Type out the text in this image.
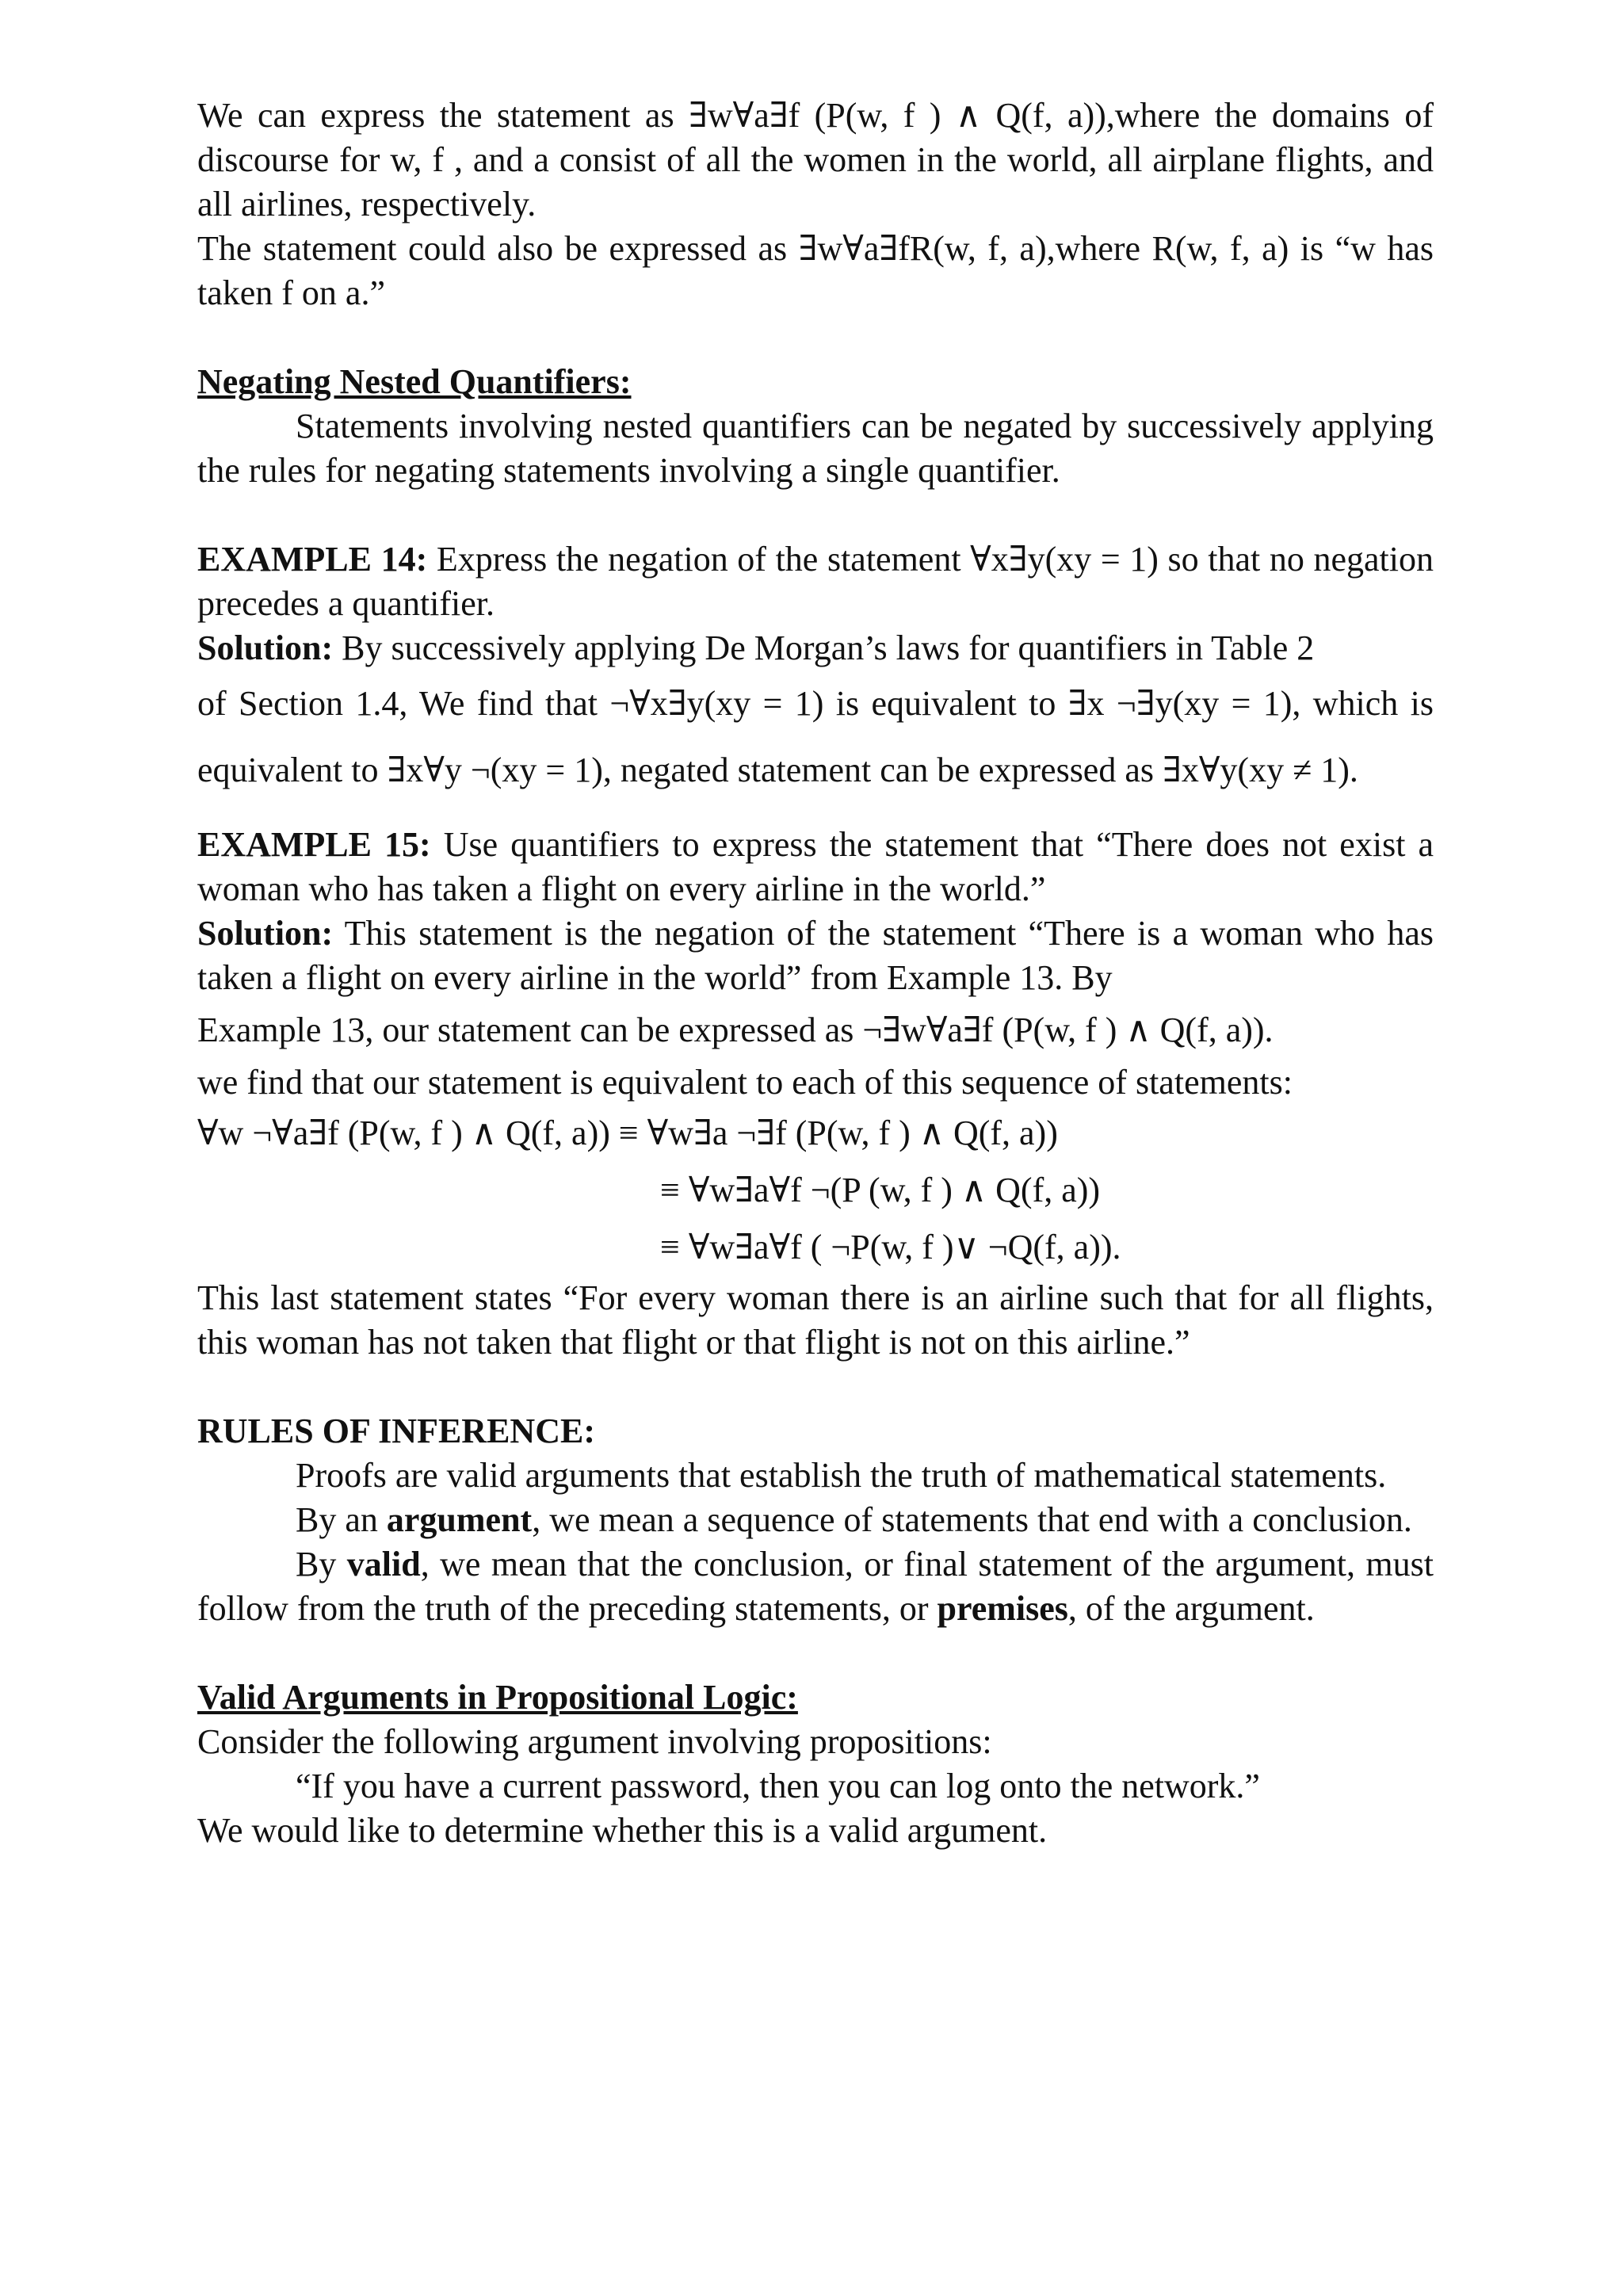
We can express the statement as ∃w∀a∃f (P(w, f ) ∧ Q(f, a)),where the domains of discourse for w, f , and a consist of all the women in the world, all airplane flights, and all airlines, respectively.

The statement could also be expressed as ∃w∀a∃fR(w, f, a),where R(w, f, a) is “w has taken f on a.”

Negating Nested Quantifiers:

Statements involving nested quantifiers can be negated by successively applying the rules for negating statements involving a single quantifier.

EXAMPLE 14: Express the negation of the statement ∀x∃y(xy = 1) so that no negation precedes a quantifier.

Solution: By successively applying De Morgan’s laws for quantifiers in Table 2

of Section 1.4, We find that ¬∀x∃y(xy = 1) is equivalent to ∃x ¬∃y(xy = 1), which is equivalent to ∃x∀y ¬(xy = 1), negated statement can be expressed as ∃x∀y(xy ≠ 1).

EXAMPLE 15: Use quantifiers to express the statement that “There does not exist a woman who has taken a flight on every airline in the world.”

Solution: This statement is the negation of the statement “There is a woman who has taken a flight on every airline in the world” from Example 13. By

Example 13, our statement can be expressed as ¬∃w∀a∃f (P(w, f ) ∧ Q(f, a)).

we find that our statement is equivalent to each of this sequence of statements:

∀w ¬∀a∃f (P(w, f ) ∧ Q(f, a)) ≡ ∀w∃a ¬∃f (P(w, f ) ∧ Q(f, a))
≡ ∀w∃a∀f ¬(P (w, f ) ∧ Q(f, a))
≡ ∀w∃a∀f ( ¬P(w, f )∨ ¬Q(f, a)).

This last statement states “For every woman there is an airline such that for all flights, this woman has not taken that flight or that flight is not on this airline.”

RULES OF INFERENCE:

Proofs are valid arguments that establish the truth of mathematical statements.

By an argument, we mean a sequence of statements that end with a conclusion.

By valid, we mean that the conclusion, or final statement of the argument, must follow from the truth of the preceding statements, or premises, of the argument.

Valid Arguments in Propositional Logic:

Consider the following argument involving propositions:

“If you have a current password, then you can log onto the network.”

We would like to determine whether this is a valid argument.
